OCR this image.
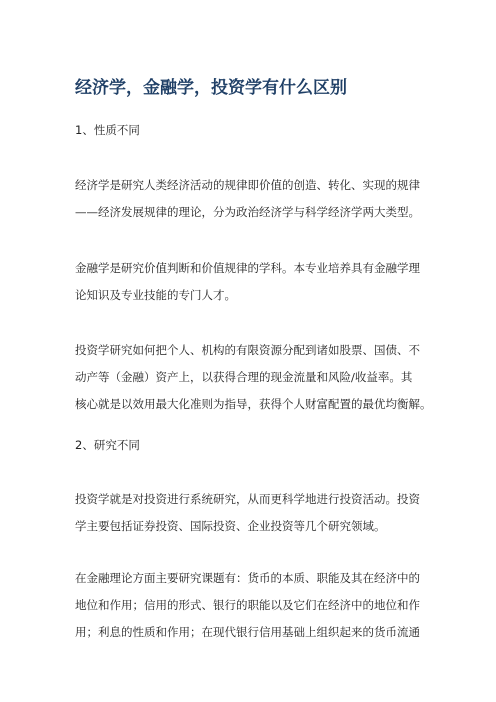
经济学，金融学，投资学有什么区别
1、性质不同
经济学是研究人类经济活动的规律即价值的创造、转化、实现的规律
——经济发展规律的理论，分为政治经济学与科学经济学两大类型。
金融学是研究价值判断和价值规律的学科。本专业培养具有金融学理
论知识及专业技能的专门人才。
投资学研究如何把个人、机构的有限资源分配到诸如股票、国债、不
动产等（金融）资产上，以获得合理的现金流量和风险/收益率。其
核心就是以效用最大化准则为指导，获得个人财富配置的最优均衡解。
2、研究不同
投资学就是对投资进行系统研究，从而更科学地进行投资活动。投资
学主要包括证券投资、国际投资、企业投资等几个研究领域。
在金融理论方面主要研究课题有：货币的本质、职能及其在经济中的
地位和作用；信用的形式、银行的职能以及它们在经济中的地位和作
用；利息的性质和作用；在现代银行信用基础上组织起来的货币流通
